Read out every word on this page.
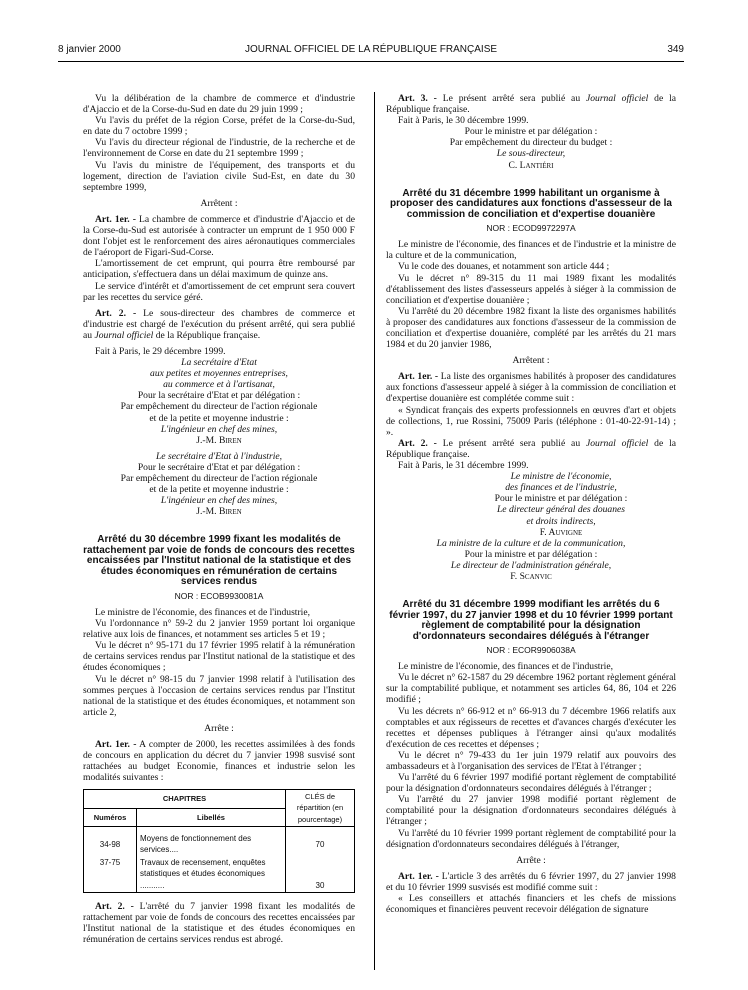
8 janvier 2000	JOURNAL OFFICIEL DE LA RÉPUBLIQUE FRANÇAISE	349

Vu la délibération de la chambre de commerce et d'industrie d'Ajaccio et de la Corse-du-Sud en date du 29 juin 1999 ;

Vu l'avis du préfet de la région Corse, préfet de la Corse-du-Sud, en date du 7 octobre 1999 ;

Vu l'avis du directeur régional de l'industrie, de la recherche et de l'environnement de Corse en date du 21 septembre 1999 ;

Vu l'avis du ministre de l'équipement, des transports et du logement, direction de l'aviation civile Sud-Est, en date du 30 septembre 1999,

Arrêtent :

Art. 1er. - La chambre de commerce et d'industrie d'Ajaccio et de la Corse-du-Sud est autorisée à contracter un emprunt de 1 950 000 F dont l'objet est le renforcement des aires aéronautiques commerciales de l'aéroport de Figari-Sud-Corse.

L'amortissement de cet emprunt, qui pourra être remboursé par anticipation, s'effectuera dans un délai maximum de quinze ans.

Le service d'intérêt et d'amortissement de cet emprunt sera couvert par les recettes du service géré.

Art. 2. - Le sous-directeur des chambres de commerce et d'industrie est chargé de l'exécution du présent arrêté, qui sera publié au Journal officiel de la République française.

Fait à Paris, le 29 décembre 1999.

La secrétaire d'Etat
aux petites et moyennes entreprises,
au commerce et à l'artisanat,
Pour la secrétaire d'Etat et par délégation :
Par empêchement du directeur de l'action régionale
et de la petite et moyenne industrie :
L'ingénieur en chef des mines,
J.-M. Biren
Le secrétaire d'Etat à l'industrie,
Pour le secrétaire d'Etat et par délégation :
Par empêchement du directeur de l'action régionale
et de la petite et moyenne industrie :
L'ingénieur en chef des mines,
J.-M. Biren
Arrêté du 30 décembre 1999 fixant les modalités de rattachement par voie de fonds de concours des recettes encaissées par l'Institut national de la statistique et des études économiques en rémunération de certains services rendus
NOR : ECOB9930081A

Le ministre de l'économie, des finances et de l'industrie,

Vu l'ordonnance n° 59-2 du 2 janvier 1959 portant loi organique relative aux lois de finances, et notamment ses articles 5 et 19 ;

Vu le décret n° 95-171 du 17 février 1995 relatif à la rémunération de certains services rendus par l'Institut national de la statistique et des études économiques ;

Vu le décret n° 98-15 du 7 janvier 1998 relatif à l'utilisation des sommes perçues à l'occasion de certains services rendus par l'Institut national de la statistique et des études économiques, et notamment son article 2,

Arrête :

Art. 1er. - A compter de 2000, les recettes assimilées à des fonds de concours en application du décret du 7 janvier 1998 susvisé sont rattachées au budget Economie, finances et industrie selon les modalités suivantes :

CHAPITRES		CLÉS de répartition (en pourcentage)
Numéros	Libellés	

34-98	Moyens de fonctionnement des services....	70
37-75	Travaux de recensement, enquêtes statistiques et études économiques ...........	30

Art. 2. - L'arrêté du 7 janvier 1998 fixant les modalités de rattachement par voie de fonds de concours des recettes encaissées par l'Institut national de la statistique et des études économiques en rémunération de certains services rendus est abrogé.

Art. 3. - Le présent arrêté sera publié au Journal officiel de la République française.

Fait à Paris, le 30 décembre 1999.

Pour le ministre et par délégation :
Par empêchement du directeur du budget :
Le sous-directeur,
C. Lantiéri
Arrêté du 31 décembre 1999 habilitant un organisme à proposer des candidatures aux fonctions d'assesseur de la commission de conciliation et d'expertise douanière
NOR : ECOD9972297A

Le ministre de l'économie, des finances et de l'industrie et la ministre de la culture et de la communication,

Vu le code des douanes, et notamment son article 444 ;

Vu le décret n° 89-315 du 11 mai 1989 fixant les modalités d'établissement des listes d'assesseurs appelés à siéger à la commission de conciliation et d'expertise douanière ;

Vu l'arrêté du 20 décembre 1982 fixant la liste des organismes habilités à proposer des candidatures aux fonctions d'assesseur de la commission de conciliation et d'expertise douanière, complété par les arrêtés du 21 mars 1984 et du 20 janvier 1986,

Arrêtent :

Art. 1er. - La liste des organismes habilités à proposer des candidatures aux fonctions d'assesseur appelé à siéger à la commission de conciliation et d'expertise douanière est complétée comme suit :

« Syndicat français des experts professionnels en œuvres d'art et objets de collections, 1, rue Rossini, 75009 Paris (téléphone : 01-40-22-91-14) ; ».

Art. 2. - Le présent arrêté sera publié au Journal officiel de la République française.

Fait à Paris, le 31 décembre 1999.

Le ministre de l'économie,
des finances et de l'industrie,
Pour le ministre et par délégation :
Le directeur général des douanes
et droits indirects,
F. Auvigne
La ministre de la culture et de la communication,
Pour la ministre et par délégation :
Le directeur de l'administration générale,
F. Scanvic
Arrêté du 31 décembre 1999 modifiant les arrêtés du 6 février 1997, du 27 janvier 1998 et du 10 février 1999 portant règlement de comptabilité pour la désignation d'ordonnateurs secondaires délégués à l'étranger
NOR : ECOR9906038A

Le ministre de l'économie, des finances et de l'industrie,

Vu le décret n° 62-1587 du 29 décembre 1962 portant règlement général sur la comptabilité publique, et notamment ses articles 64, 86, 104 et 226 modifié ;

Vu les décrets n° 66-912 et n° 66-913 du 7 décembre 1966 relatifs aux comptables et aux régisseurs de recettes et d'avances chargés d'exécuter les recettes et dépenses publiques à l'étranger ainsi qu'aux modalités d'exécution de ces recettes et dépenses ;

Vu le décret n° 79-433 du 1er juin 1979 relatif aux pouvoirs des ambassadeurs et à l'organisation des services de l'Etat à l'étranger ;

Vu l'arrêté du 6 février 1997 modifié portant règlement de comptabilité pour la désignation d'ordonnateurs secondaires délégués à l'étranger ;

Vu l'arrêté du 27 janvier 1998 modifié portant règlement de comptabilité pour la désignation d'ordonnateurs secondaires délégués à l'étranger ;

Vu l'arrêté du 10 février 1999 portant règlement de comptabilité pour la désignation d'ordonnateurs secondaires délégués à l'étranger,

Arrête :

Art. 1er. - L'article 3 des arrêtés du 6 février 1997, du 27 janvier 1998 et du 10 février 1999 susvisés est modifié comme suit :

« Les conseillers et attachés financiers et les chefs de missions économiques et financières peuvent recevoir délégation de signature
